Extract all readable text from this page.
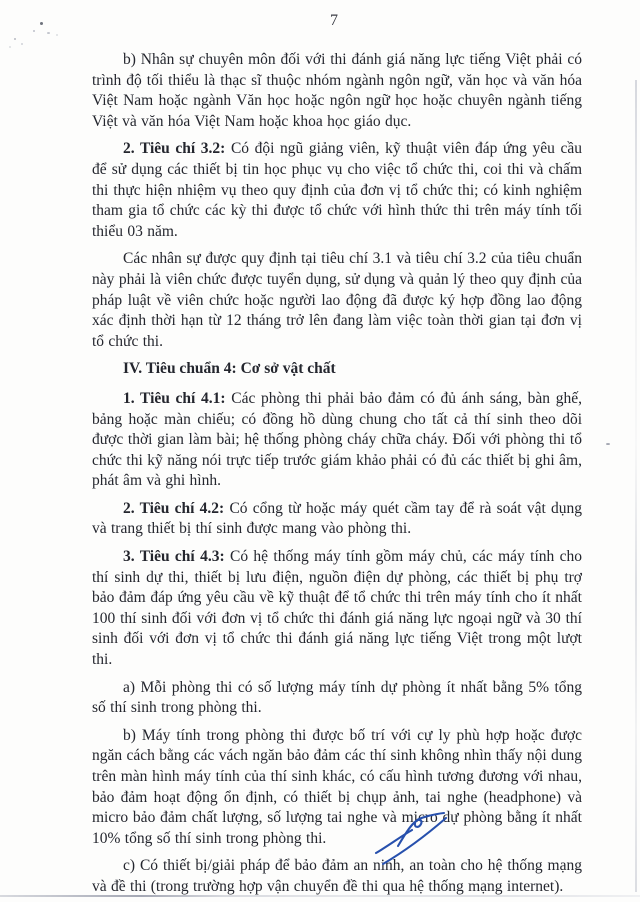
7

b) Nhân sự chuyên môn đối với thi đánh giá năng lực tiếng Việt phải có trình độ tối thiểu là thạc sĩ thuộc nhóm ngành ngôn ngữ, văn học và văn hóa Việt Nam hoặc ngành Văn học hoặc ngôn ngữ học hoặc chuyên ngành tiếng Việt và văn hóa Việt Nam hoặc khoa học giáo dục.

2. Tiêu chí 3.2: Có đội ngũ giảng viên, kỹ thuật viên đáp ứng yêu cầu để sử dụng các thiết bị tin học phục vụ cho việc tổ chức thi, coi thi và chấm thi thực hiện nhiệm vụ theo quy định của đơn vị tổ chức thi; có kinh nghiệm tham gia tổ chức các kỳ thi được tổ chức với hình thức thi trên máy tính tối thiểu 03 năm.

Các nhân sự được quy định tại tiêu chí 3.1 và tiêu chí 3.2 của tiêu chuẩn này phải là viên chức được tuyển dụng, sử dụng và quản lý theo quy định của pháp luật về viên chức hoặc người lao động đã được ký hợp đồng lao động xác định thời hạn từ 12 tháng trở lên đang làm việc toàn thời gian tại đơn vị tổ chức thi.

IV. Tiêu chuẩn 4: Cơ sở vật chất

1. Tiêu chí 4.1: Các phòng thi phải bảo đảm có đủ ánh sáng, bàn ghế, bảng hoặc màn chiếu; có đồng hồ dùng chung cho tất cả thí sinh theo dõi được thời gian làm bài; hệ thống phòng cháy chữa cháy. Đối với phòng thi tổ chức thi kỹ năng nói trực tiếp trước giám khảo phải có đủ các thiết bị ghi âm, phát âm và ghi hình.

2. Tiêu chí 4.2: Có cổng từ hoặc máy quét cầm tay để rà soát vật dụng và trang thiết bị thí sinh được mang vào phòng thi.

3. Tiêu chí 4.3: Có hệ thống máy tính gồm máy chủ, các máy tính cho thí sinh dự thi, thiết bị lưu điện, nguồn điện dự phòng, các thiết bị phụ trợ bảo đảm đáp ứng yêu cầu về kỹ thuật để tổ chức thi trên máy tính cho ít nhất 100 thí sinh đối với đơn vị tổ chức thi đánh giá năng lực ngoại ngữ và 30 thí sinh đối với đơn vị tổ chức thi đánh giá năng lực tiếng Việt trong một lượt thi.

a) Mỗi phòng thi có số lượng máy tính dự phòng ít nhất bằng 5% tổng số thí sinh trong phòng thi.

b) Máy tính trong phòng thi được bố trí với cự ly phù hợp hoặc được ngăn cách bằng các vách ngăn bảo đảm các thí sinh không nhìn thấy nội dung trên màn hình máy tính của thí sinh khác, có cấu hình tương đương với nhau, bảo đảm hoạt động ổn định, có thiết bị chụp ảnh, tai nghe (headphone) và micro bảo đảm chất lượng, số lượng tai nghe và micro dự phòng bằng ít nhất 10% tổng số thí sinh trong phòng thi.

c) Có thiết bị/giải pháp để bảo đảm an ninh, an toàn cho hệ thống mạng và đề thi (trong trường hợp vận chuyển đề thi qua hệ thống mạng internet).
